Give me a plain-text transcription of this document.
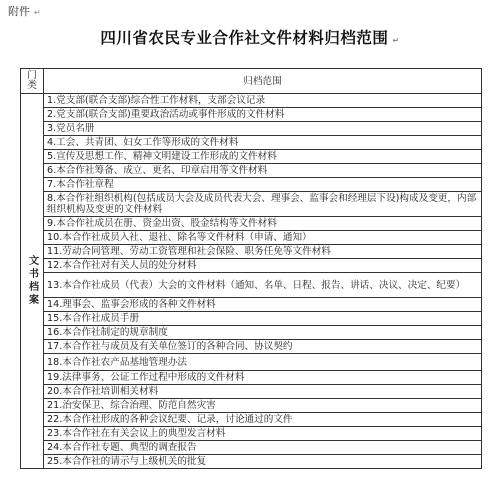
附件 ↵
四川省农民专业合作社文件材料归档范围 ↵
门类	归档范围

文书档案	1.党支部(联合支部)综合性工作材料，支部会议记录
	2.党支部(联合支部)重要政治活动或事件形成的文件材料
	3.党员名册
	4.工会、共青团、妇女工作等形成的文件材料
	5.宣传及思想工作、精神文明建设工作形成的文件材料
	6.本合作社筹备、成立、更名、印章启用等文件材料
	7.本合作社章程
	8.本合作社组织机构(包括成员大会及成员代表大会、理事会、监事会和经理层下设)构成及变更，内部组织机构及变更的文件材料
	9.本合作社成员在册、资金出资、股金结构等文件材料
	10.本合作社成员入社、退社、除名等文件材料（申请、通知）
	11.劳动合同管理、劳动工资管理和社会保险、职务任免等文件材料
	12.本合作社对有关人员的处分材料
	13.本合作社成员（代表）大会的文件材料（通知、名单、日程、报告、讲话、决议、决定、纪要）
	14.理事会、监事会形成的各种文件材料
	15.本合作社成员手册
	16.本合作社制定的规章制度
	17.本合作社与成员及有关单位签订的各种合同、协议契约
	18.本合作社农产品基地管理办法
	19.法律事务、公证工作过程中形成的文件材料
	20.本合作社培训相关材料
	21.治安保卫、综合治理、防范自然灾害
	22.本合作社形成的各种会议纪要、记录，讨论通过的文件
	23.本合作社在有关会议上的典型发言材料
	24.本合作社专题、典型的调查报告
	25.本合作社的请示与上级机关的批复
